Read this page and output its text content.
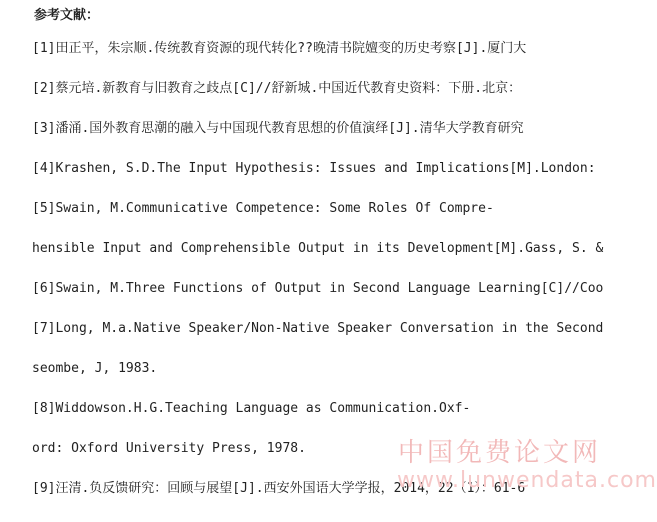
参考文献：
[1]田正平，朱宗顺.传统教育资源的现代转化??晚清书院嬗变的历史考察[J].厦门大
[2]蔡元培.新教育与旧教育之歧点[C]//舒新城.中国近代教育史资料：下册.北京：
[3]潘涌.国外教育思潮的融入与中国现代教育思想的价值演绎[J].清华大学教育研究
[4]Krashen, S.D.The Input Hypothesis: Issues and Implications[M].London:
[5]Swain, M.Communicative Competence: Some Roles Of Compre-
hensible Input and Comprehensible Output in its Development[M].Gass, S. &
[6]Swain, M.Three Functions of Output in Second Language Learning[C]//Coo
[7]Long, M.a.Native Speaker/Non-Native Speaker Conversation in the Second
seombe, J, 1983.
[8]Widdowson.H.G.Teaching Language as Communication.Oxf-
ord: Oxford University Press, 1978.
[9]汪清.负反馈研究：回顾与展望[J].西安外国语大学学报，2014，22（1）：61-6
中国免费论文网
www.lunwendata.com
